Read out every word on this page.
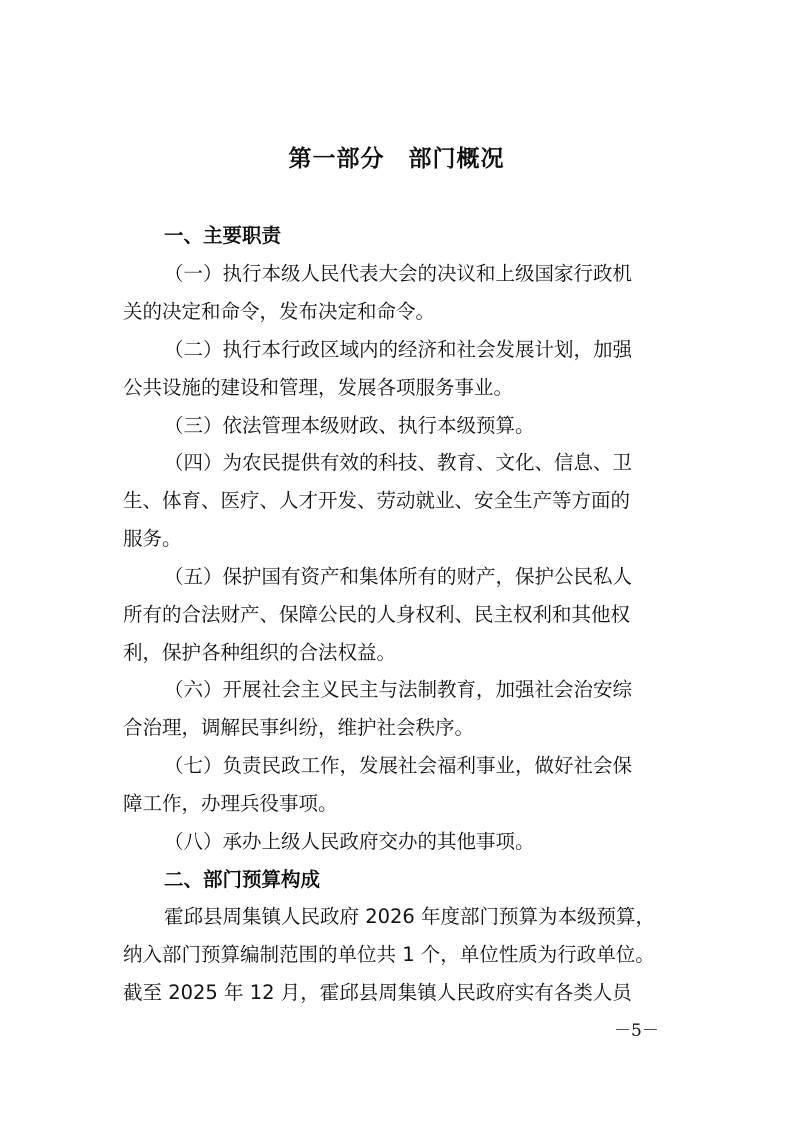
第一部分　部门概况
一、主要职责
（一）执行本级人民代表大会的决议和上级国家行政机
关的决定和命令，发布决定和命令。
（二）执行本行政区域内的经济和社会发展计划，加强
公共设施的建设和管理，发展各项服务事业。
（三）依法管理本级财政、执行本级预算。
（四）为农民提供有效的科技、教育、文化、信息、卫
生、体育、医疗、人才开发、劳动就业、安全生产等方面的
服务。
（五）保护国有资产和集体所有的财产，保护公民私人
所有的合法财产、保障公民的人身权利、民主权利和其他权
利，保护各种组织的合法权益。
（六）开展社会主义民主与法制教育，加强社会治安综
合治理，调解民事纠纷，维护社会秩序。
（七）负责民政工作，发展社会福利事业，做好社会保
障工作，办理兵役事项。
（八）承办上级人民政府交办的其他事项。
二、部门预算构成
霍邱县周集镇人民政府 2026 年度部门预算为本级预算，
纳入部门预算编制范围的单位共 1 个，单位性质为行政单位。
截至 2025 年 12 月，霍邱县周集镇人民政府实有各类人员
－5－
